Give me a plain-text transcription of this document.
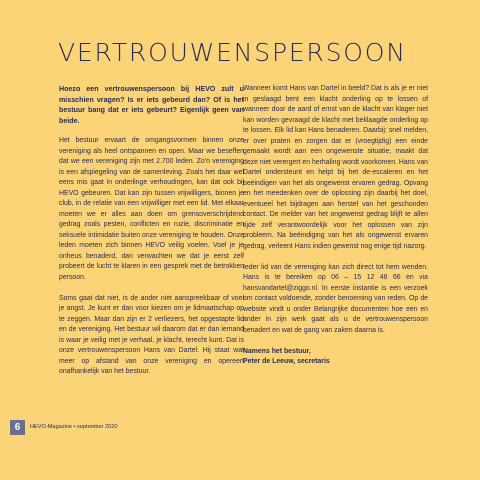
VERTROUWENSPERSOON

Hoezo een vertrouwenspersoon bij HEVO zult u misschien vragen? Is er iets gebeurd dan? Of is het bestuur bang dat er iets gebeurt? Eigenlijk geen van beide.

Het bestuur ervaart de omgangsvormen binnen onze vereniging als heel ontspannen en open. Maar we beseffen dat we een vereniging zijn met 2.700 leden. Zo'n vereniging is een afspiegeling van de samenleving. Zoals het daar wel eens mis gaat in onderlinge verhoudingen, kan dat ook bij HEVO gebeuren. Dat kan zijn tussen vrijwilligers, binnen je club, in de relatie van een vrijwilliger met een lid. Met elkaar moeten we er alles aan doen om grensoverschrijdend gedrag zoals pesten, conflicten en ruzie, discriminatie en seksuele intimidatie buiten onze vereniging te houden. Onze leden moeten zich binnen HEVO veilig voelen. Voel je je onheus benaderd, dan verwachten we dat je eerst zelf probeert de lucht te klaren in een gesprek met de betrokken persoon.

Soms gaat dat niet, is de ander niet aanspreekbaar of voel je angst. Je kunt er dan voor kiezen om je lidmaatschap op te zeggen. Maar dan zijn er 2 verliezers, het opgestapte lid en de vereniging. Het bestuur wil daarom dat er dan iemand is waar je veilig met je verhaal, je klacht, terecht kunt. Dat is onze vertrouwenspersoon Hans van Dartel. Hij staat wat meer op afstand van onze vereniging en opereert onafhankelijk van het bestuur.

Wanneer komt Hans van Dartel in beeld? Dat is als je er niet in geslaagd bent een klacht onderling op te lossen of wanneer door de aard of ernst van de klacht van klager niet kan worden gevraagd de klacht met beklaagde onderling op te lossen. Elk lid kan Hans benaderen. Daarbij: snel melden, er over praten en zorgen dat er (vroegtijdig) een einde gemaakt wordt aan een ongewenste situatie, maakt dat deze niet verergert en herhaling wordt voorkomen. Hans van Dartel ondersteunt en helpt bij het de-escaleren en het beëindigen van het als ongewenst ervaren gedrag. Opvang en het meedenken over de oplossing zijn daarbij het doel, eventueel het bijdragen aan herstel van het geschonden contact. De melder van het ongewenst gedrag blijft te allen tijde zelf verantwoordelijk voor het oplossen van zijn probleem. Na beëindiging van het als ongewenst ervaren gedrag, verleent Hans indien gewenst nog enige tijd nazorg.

Ieder lid van de vereniging kan zich direct tot hem wenden. Hans is te bereiken op 06 – 15 12 48 66 en via hansvandartel@ziggo.nl. In eerste instantie is een verzoek om contact voldoende, zonder benoeming van reden. Op de website vindt u onder Belangrijke documenten hoe een en ander in zijn werk gaat als u de vertrouwenspersoon benadert en wat de gang van zaken daarna is.

Namens het bestuur,
Peter de Leeuw, secretaris

6	HEVO-Magazine • september 2020
